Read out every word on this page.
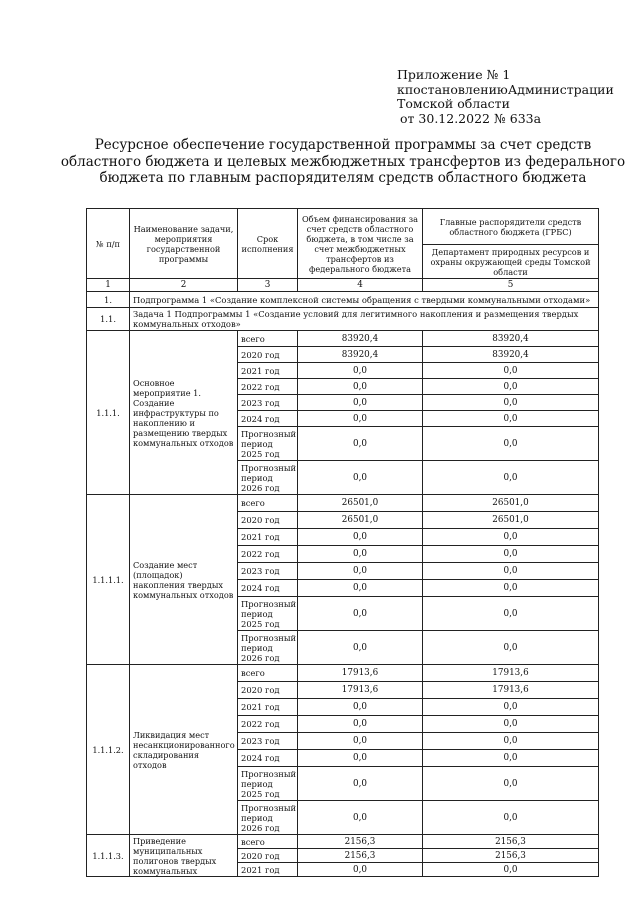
Приложение № 1
к постановлению Администрации
Томской области
от 30.12.2022 № 633а
Ресурсное обеспечение государственной программы за счет средств областного бюджета и целевых межбюджетных трансфертов из федерального бюджета по главным распорядителям средств областного бюджета
№ п/п	Наименование задачи, мероприятия государственной программы	Срок исполнения	Объем финансирования за счет средств областного бюджета, в том числе за счет межбюджетных трансфертов из федерального бюджета	Главные распорядители средств областного бюджета (ГРБС)
				Департамент природных ресурсов и охраны окружающей среды Томской области
1	2	3	4	5
1.	Подпрограмма 1 «Создание комплексной системы обращения с твердыми коммунальными отходами»			
1.1.	Задача 1 Подпрограммы 1 «Создание условий для легитимного накопления и размещения твердых коммунальных отходов»			
1.1.1.	Основное мероприятие 1. Создание инфраструктуры по накоплению и размещению твердых коммунальных отходов	всего	83920,4	83920,4
		2020 год	83920,4	83920,4
		2021 год	0,0	0,0
		2022 год	0,0	0,0
		2023 год	0,0	0,0
		2024 год	0,0	0,0
		Прогнозный период 2025 год	0,0	0,0
		Прогнозный период 2026 год	0,0	0,0
1.1.1.1.	Создание мест (площадок) накопления твердых коммунальных отходов	всего	26501,0	26501,0
		2020 год	26501,0	26501,0
		2021 год	0,0	0,0
		2022 год	0,0	0,0
		2023 год	0,0	0,0
		2024 год	0,0	0,0
		Прогнозный период 2025 год	0,0	0,0
		Прогнозный период 2026 год	0,0	0,0
1.1.1.2.	Ликвидация мест несанкционированного складирования отходов	всего	17913,6	17913,6
		2020 год	17913,6	17913,6
		2021 год	0,0	0,0
		2022 год	0,0	0,0
		2023 год	0,0	0,0
		2024 год	0,0	0,0
		Прогнозный период 2025 год	0,0	0,0
		Прогнозный период 2026 год	0,0	0,0
1.1.1.3.	Приведение муниципальных полигонов твердых коммунальных	всего	2156,3	2156,3
		2020 год	2156,3	2156,3
		2021 год	0,0	0,0
